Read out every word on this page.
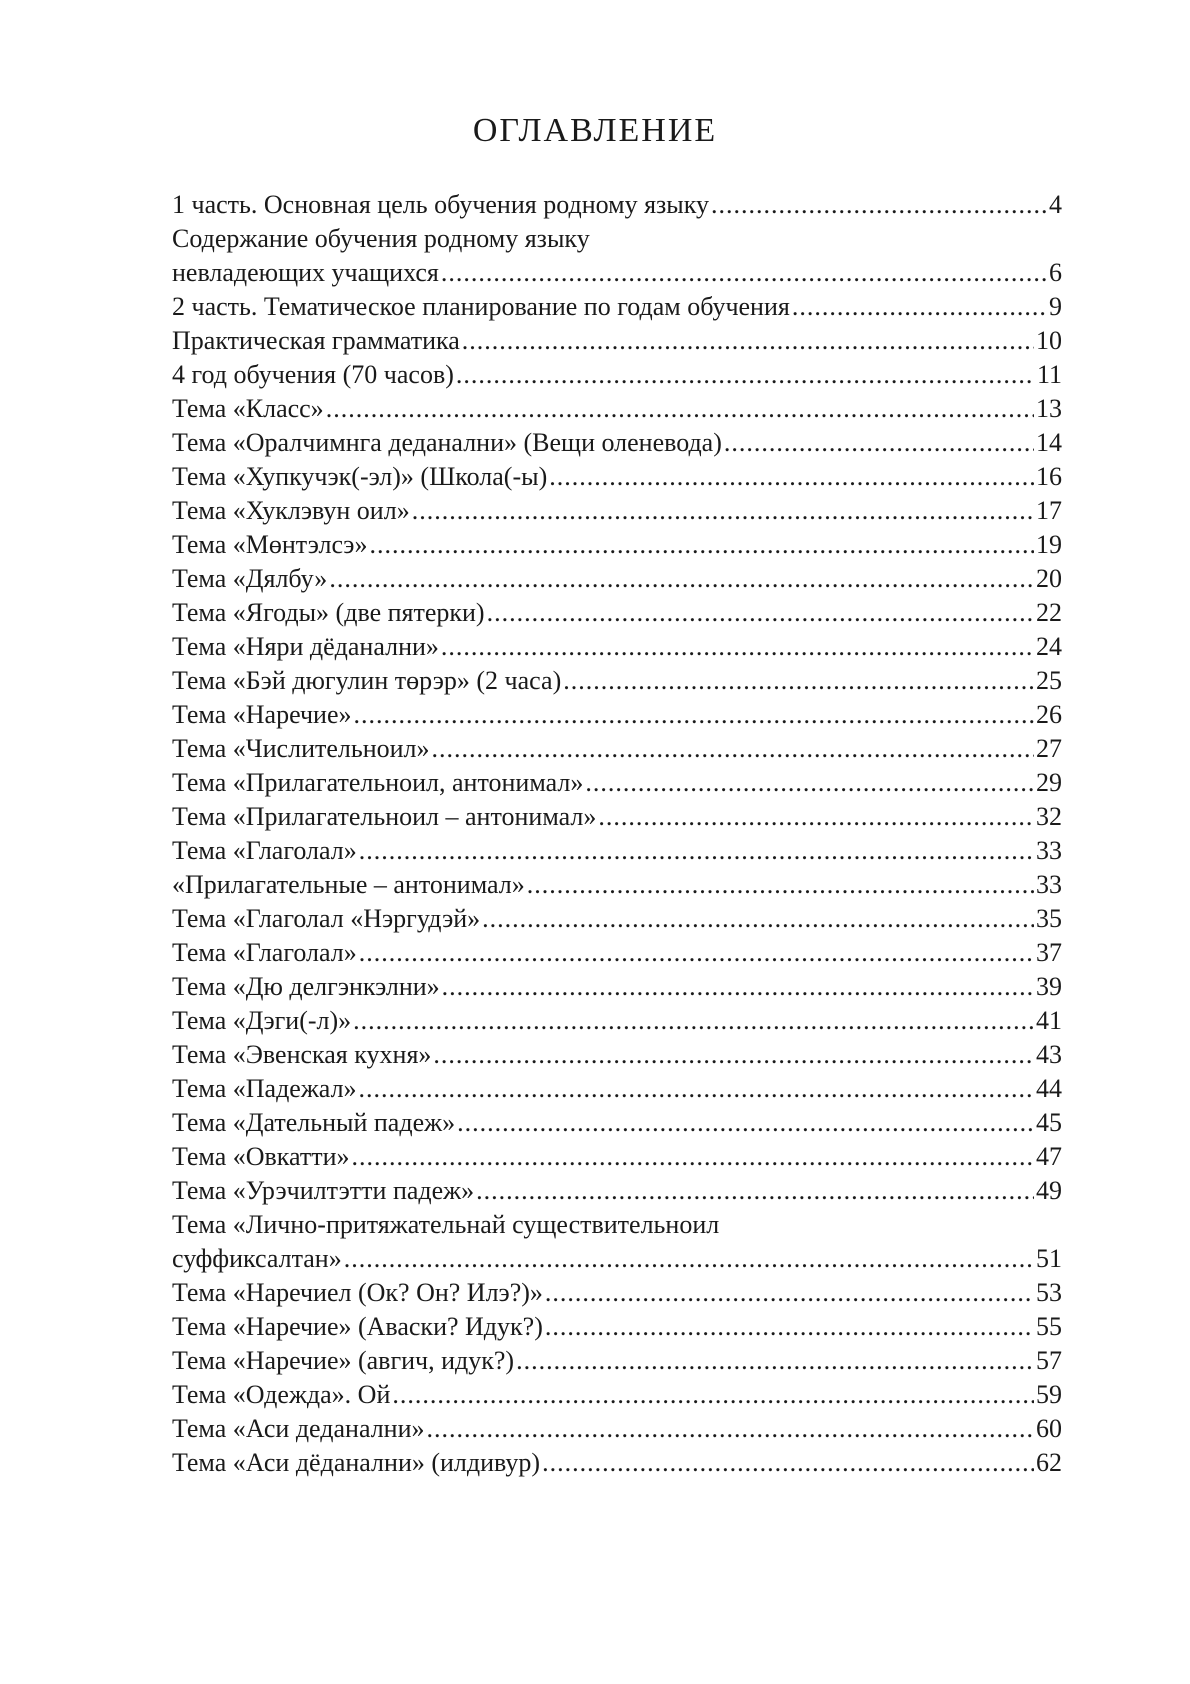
ОГЛАВЛЕНИЕ
1 часть. Основная цель обучения родному языку .....	4
Содержание обучения родному языку
невладеющих учащихся .....	6
2 часть. Тематическое планирование по годам обучения .....	9
Практическая грамматика .....	10
4 год обучения (70 часов) .....	11
Тема «Класс» .....	13
Тема «Оралчимнга деданални» (Вещи оленевода) .....	14
Тема «Хупкучэк(-эл)» (Школа(-ы) .....	16
Тема «Хуклэвун оил» .....	17
Тема «Мөнтэлсэ» .....	19
Тема «Дялбу» .....	20
Тема «Ягоды» (две пятерки) .....	22
Тема «Няри дёданални» .....	24
Тема «Бэй дюгулин төрэр» (2 часа) .....	25
Тема «Наречие» .....	26
Тема «Числительноил» .....	27
Тема «Прилагательноил, антонимал» .....	29
Тема «Прилагательноил – антонимал» .....	32
Тема «Глаголал» .....	33
«Прилагательные – антонимал» .....	33
Тема «Глаголал «Нэргудэй» .....	35
Тема «Глаголал» .....	37
Тема «Дю делгэнкэлни» .....	39
Тема «Дэги(-л)» .....	41
Тема «Эвенская кухня» .....	43
Тема «Падежал» .....	44
Тема «Дательный падеж» .....	45
Тема «Овкатти» .....	47
Тема «Урэчилтэтти падеж» .....	49
Тема «Лично-притяжательнай существительноил
суффиксалтан» .....	51
Тема «Наречиел (Ок? Он? Илэ?)» .....	53
Тема «Наречие» (Аваски? Идук?) .....	55
Тема «Наречие» (авгич, идук?) .....	57
Тема «Одежда». Ой .....	59
Тема «Аси деданални» .....	60
Тема «Аси дёданални» (илдивур) .....	62
